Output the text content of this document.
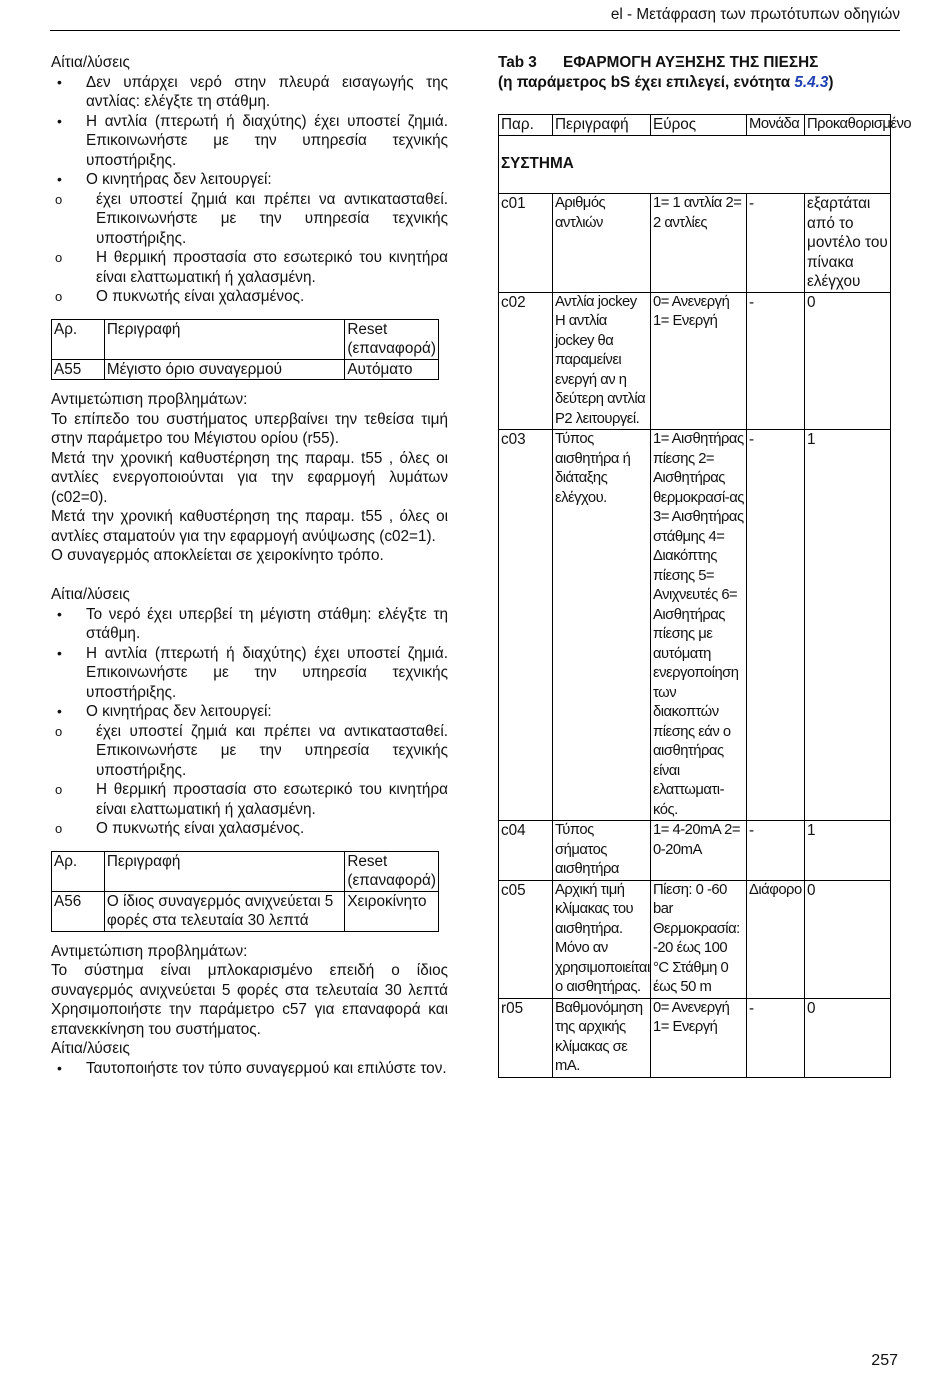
el - Μετάφραση των πρωτότυπων οδηγιών

Αίτια/λύσεις

• Δεν υπάρχει νερό στην πλευρά εισαγωγής της αντλίας: ελέγξτε τη στάθμη.
• Η αντλία (πτερωτή ή διαχύτης) έχει υποστεί ζημιά. Επικοινωνήστε με την υπηρεσία τεχνικής υποστήριξης.
• Ο κινητήρας δεν λειτουργεί:
o έχει υποστεί ζημιά και πρέπει να αντικατασταθεί. Επικοινωνήστε με την υπηρεσία τεχνικής υποστήριξης.
o Η θερμική προστασία στο εσωτερικό του κινητήρα είναι ελαττωματική ή χαλασμένη.
o Ο πυκνωτής είναι χαλασμένος.
Αρ.	Περιγραφή	Reset (επαναφορά)
A55	Μέγιστο όριο συναγερμού	Αυτόματο

Αντιμετώπιση προβλημάτων:

Το επίπεδο του συστήματος υπερβαίνει την τεθείσα τιμή στην παράμετρο του Μέγιστου ορίου (r55).

Μετά την χρονική καθυστέρηση της παραμ. t55 , όλες οι αντλίες ενεργοποιούνται για την εφαρμογή λυμάτων (c02=0).

Μετά την χρονική καθυστέρηση της παραμ. t55 , όλες οι αντλίες σταματούν για την εφαρμογή ανύψωσης (c02=1).

Ο συναγερμός αποκλείεται σε χειροκίνητο τρόπο.

Αίτια/λύσεις

• Το νερό έχει υπερβεί τη μέγιστη στάθμη: ελέγξτε τη στάθμη.
• Η αντλία (πτερωτή ή διαχύτης) έχει υποστεί ζημιά. Επικοινωνήστε με την υπηρεσία τεχνικής υποστήριξης.
• Ο κινητήρας δεν λειτουργεί:
o έχει υποστεί ζημιά και πρέπει να αντικατασταθεί. Επικοινωνήστε με την υπηρεσία τεχνικής υποστήριξης.
o Η θερμική προστασία στο εσωτερικό του κινητήρα είναι ελαττωματική ή χαλασμένη.
o Ο πυκνωτής είναι χαλασμένος.
Αρ.	Περιγραφή	Reset (επαναφορά)
A56	Ο ίδιος συναγερμός ανιχνεύεται 5 φορές στα τελευταία 30 λεπτά	Χειροκίνητο

Αντιμετώπιση προβλημάτων:

Το σύστημα είναι μπλοκαρισμένο επειδή ο ίδιος συναγερμός ανιχνεύεται 5 φορές στα τελευταία 30 λεπτά Χρησιμοποιήστε την παράμετρο c57 για επαναφορά και επανεκκίνηση του συστήματος.

Αίτια/λύσεις

• Ταυτοποιήστε τον τύπο συναγερμού και επιλύστε τον.
Tab 3 ΕΦΑΡΜΟΓΗ ΑΥΞΗΣΗΣ ΤΗΣ ΠΙΕΣΗΣ
(η παράμετρος bS έχει επιλεγεί, ενότητα 5.4.3)
Παρ.	Περιγραφή	Εύρος	Μονάδα	Προκαθορισμένο
ΣΥΣΤΗΜΑ				
c01	Αριθμός αντλιών	1= 1 αντλία 2= 2 αντλίες	-	εξαρτάται από το μοντέλο του πίνακα ελέγχου
c02	Αντλία jockey Η αντλία jockey θα παραμείνει ενεργή αν η δεύτερη αντλία P2 λειτουργεί.	0= Ανενεργή 1= Ενεργή	-	0
c03	Τύπος αισθητήρα ή διάταξης ελέγχου.	1= Αισθητήρας πίεσης 2= Αισθητήρας θερμοκρασί-ας 3= Αισθητήρας στάθμης 4= Διακόπτης πίεσης 5= Ανιχνευτές 6= Αισθητήρας πίεσης με αυτόματη ενεργοποίηση των διακοπτών πίεσης εάν ο αισθητήρας είναι ελαττωματι-κός.	-	1
c04	Τύπος σήματος αισθητήρα	1= 4-20mA 2= 0-20mA	-	1
c05	Αρχική τιμή κλίμακας του αισθητήρα. Μόνο αν χρησιμοποιείται ο αισθητήρας.	Πίεση: 0 -60 bar Θερμοκρασία: -20 έως 100 °C Στάθμη 0 έως 50 m	Διάφορο	0
r05	Βαθμονόμηση της αρχικής κλίμακας σε mA.	0= Ανενεργή 1= Ενεργή	-	0
257
